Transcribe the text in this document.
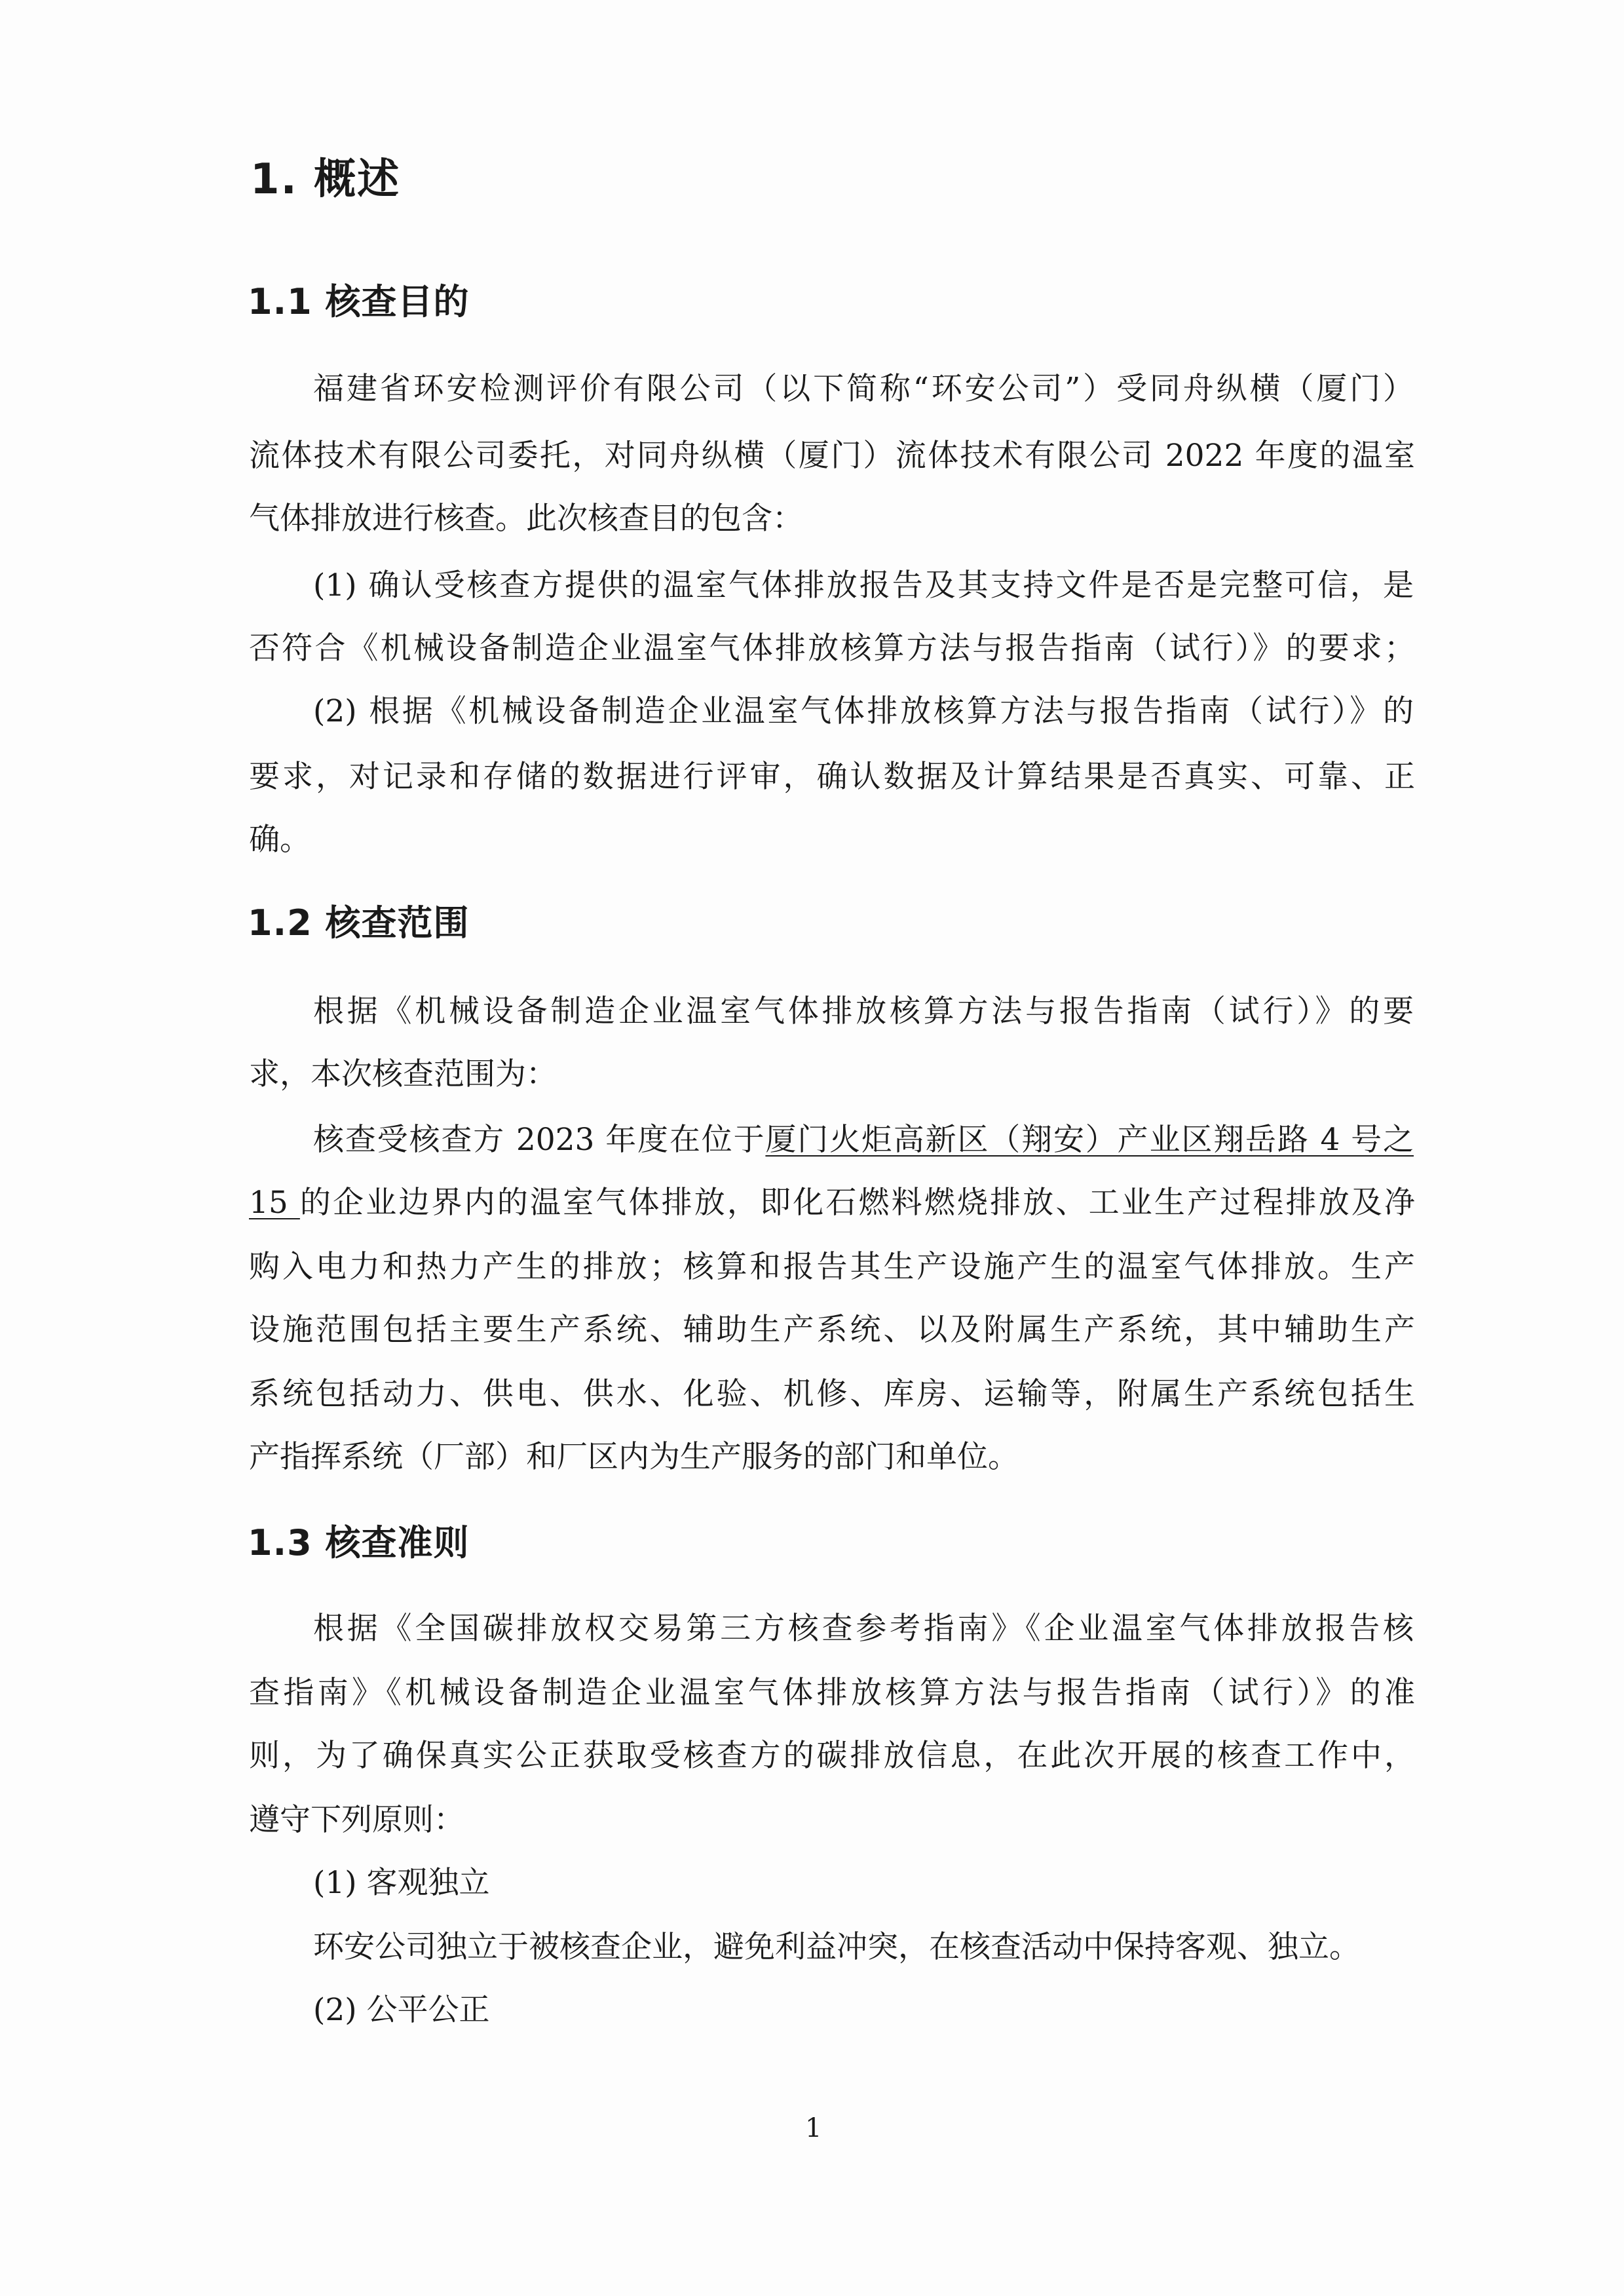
1. 概述
1.1 核查目的

福建省环安检测评价有限公司（以下简称“环安公司”）受同舟纵横（厦门）

流体技术有限公司委托，对同舟纵横（厦门）流体技术有限公司 2022 年度的温室

气体排放进行核查。此次核查目的包含：

(1) 确认受核查方提供的温室气体排放报告及其支持文件是否是完整可信，是

否符合《机械设备制造企业温室气体排放核算方法与报告指南（试行）》的要求；

(2) 根据《机械设备制造企业温室气体排放核算方法与报告指南（试行）》的

要求，对记录和存储的数据进行评审，确认数据及计算结果是否真实、可靠、正

确。

1.2 核查范围

根据《机械设备制造企业温室气体排放核算方法与报告指南（试行）》的要

求，本次核查范围为：

核查受核查方 2023 年度在位于厦门火炬高新区（翔安）产业区翔岳路 4 号之

15 的企业边界内的温室气体排放，即化石燃料燃烧排放、工业生产过程排放及净

购入电力和热力产生的排放；核算和报告其生产设施产生的温室气体排放。生产

设施范围包括主要生产系统、辅助生产系统、以及附属生产系统，其中辅助生产

系统包括动力、供电、供水、化验、机修、库房、运输等，附属生产系统包括生

产指挥系统（厂部）和厂区内为生产服务的部门和单位。

1.3 核查准则

根据《全国碳排放权交易第三方核查参考指南》《企业温室气体排放报告核

查指南》《机械设备制造企业温室气体排放核算方法与报告指南（试行）》的准

则，为了确保真实公正获取受核查方的碳排放信息，在此次开展的核查工作中，

遵守下列原则：

(1) 客观独立

环安公司独立于被核查企业，避免利益冲突，在核查活动中保持客观、独立。

(2) 公平公正

1
